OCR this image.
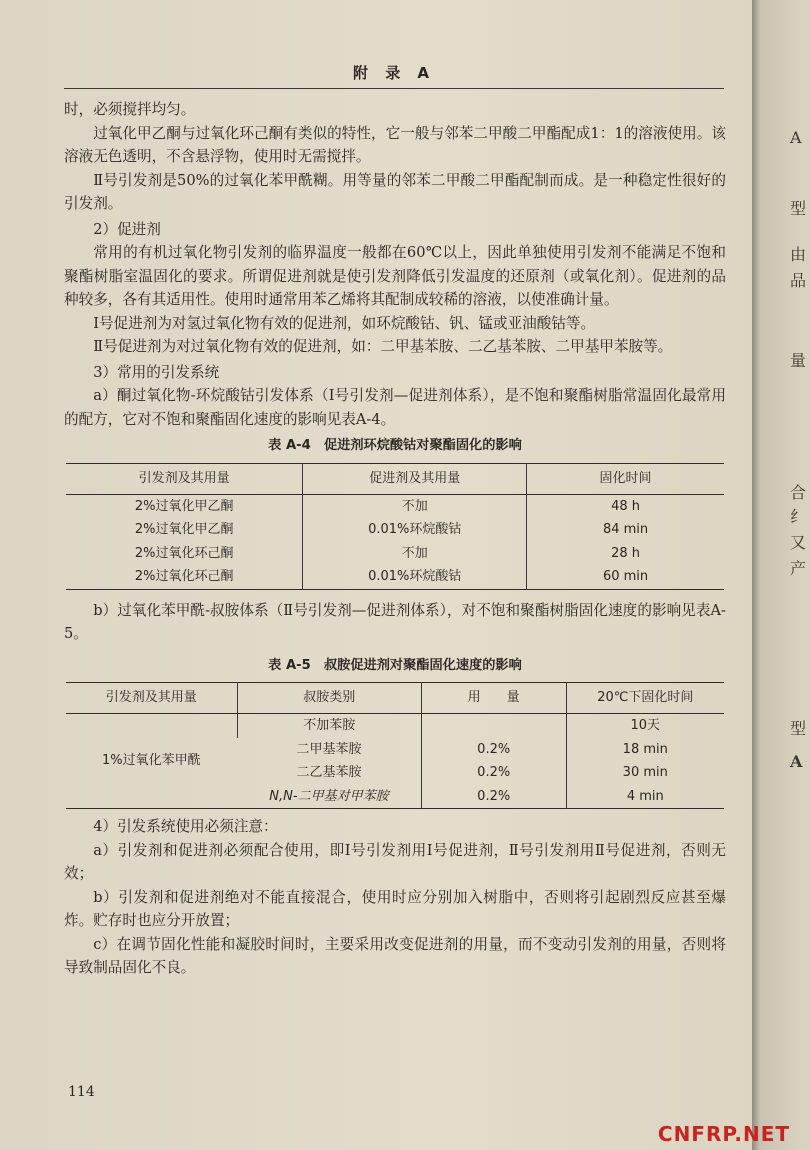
附 录 A

时，必须搅拌均匀。

过氧化甲乙酮与过氧化环己酮有类似的特性，它一般与邻苯二甲酸二甲酯配成1：1的溶液使用。该溶液无色透明，不含悬浮物，使用时无需搅拌。

Ⅱ号引发剂是50%的过氧化苯甲酰糊。用等量的邻苯二甲酸二甲酯配制而成。是一种稳定性很好的引发剂。

2）促进剂

常用的有机过氧化物引发剂的临界温度一般都在60℃以上，因此单独使用引发剂不能满足不饱和聚酯树脂室温固化的要求。所谓促进剂就是使引发剂降低引发温度的还原剂（或氧化剂）。促进剂的品种较多，各有其适用性。使用时通常用苯乙烯将其配制成较稀的溶液，以使准确计量。

Ⅰ号促进剂为对氢过氧化物有效的促进剂，如环烷酸钴、钒、锰或亚油酸钴等。

Ⅱ号促进剂为对过氧化物有效的促进剂，如：二甲基苯胺、二乙基苯胺、二甲基甲苯胺等。

3）常用的引发系统

a）酮过氧化物-环烷酸钴引发体系（Ⅰ号引发剂—促进剂体系），是不饱和聚酯树脂常温固化最常用的配方，它对不饱和聚酯固化速度的影响见表A-4。

表 A-4　促进剂环烷酸钴对聚酯固化的影响
引发剂及其用量	促进剂及其用量	固化时间
2%过氧化甲乙酮	不加	48 h
2%过氧化甲乙酮	0.01%环烷酸钴	84 min
2%过氧化环己酮	不加	28 h
2%过氧化环己酮	0.01%环烷酸钴	60 min

b）过氧化苯甲酰-叔胺体系（Ⅱ号引发剂—促进剂体系），对不饱和聚酯树脂固化速度的影响见表A-5。

表 A-5　叔胺促进剂对聚酯固化速度的影响
引发剂及其用量	叔胺类别	用　　量	20℃下固化时间
1%过氧化苯甲酰	不加苯胺		10天
	二甲基苯胺	0.2%	18 min
	二乙基苯胺	0.2%	30 min
	N,N-二甲基对甲苯胺	0.2%	4 min

4）引发系统使用必须注意：

a）引发剂和促进剂必须配合使用，即Ⅰ号引发剂用Ⅰ号促进剂，Ⅱ号引发剂用Ⅱ号促进剂，否则无效；

b）引发剂和促进剂绝对不能直接混合，使用时应分别加入树脂中，否则将引起剧烈反应甚至爆炸。贮存时也应分开放置；

c）在调节固化性能和凝胶时间时，主要采用改变促进剂的用量，而不变动引发剂的用量，否则将导致制品固化不良。

114
A
型
由
品
量
合
纟
又
产
型
A
CNFRP.NET
